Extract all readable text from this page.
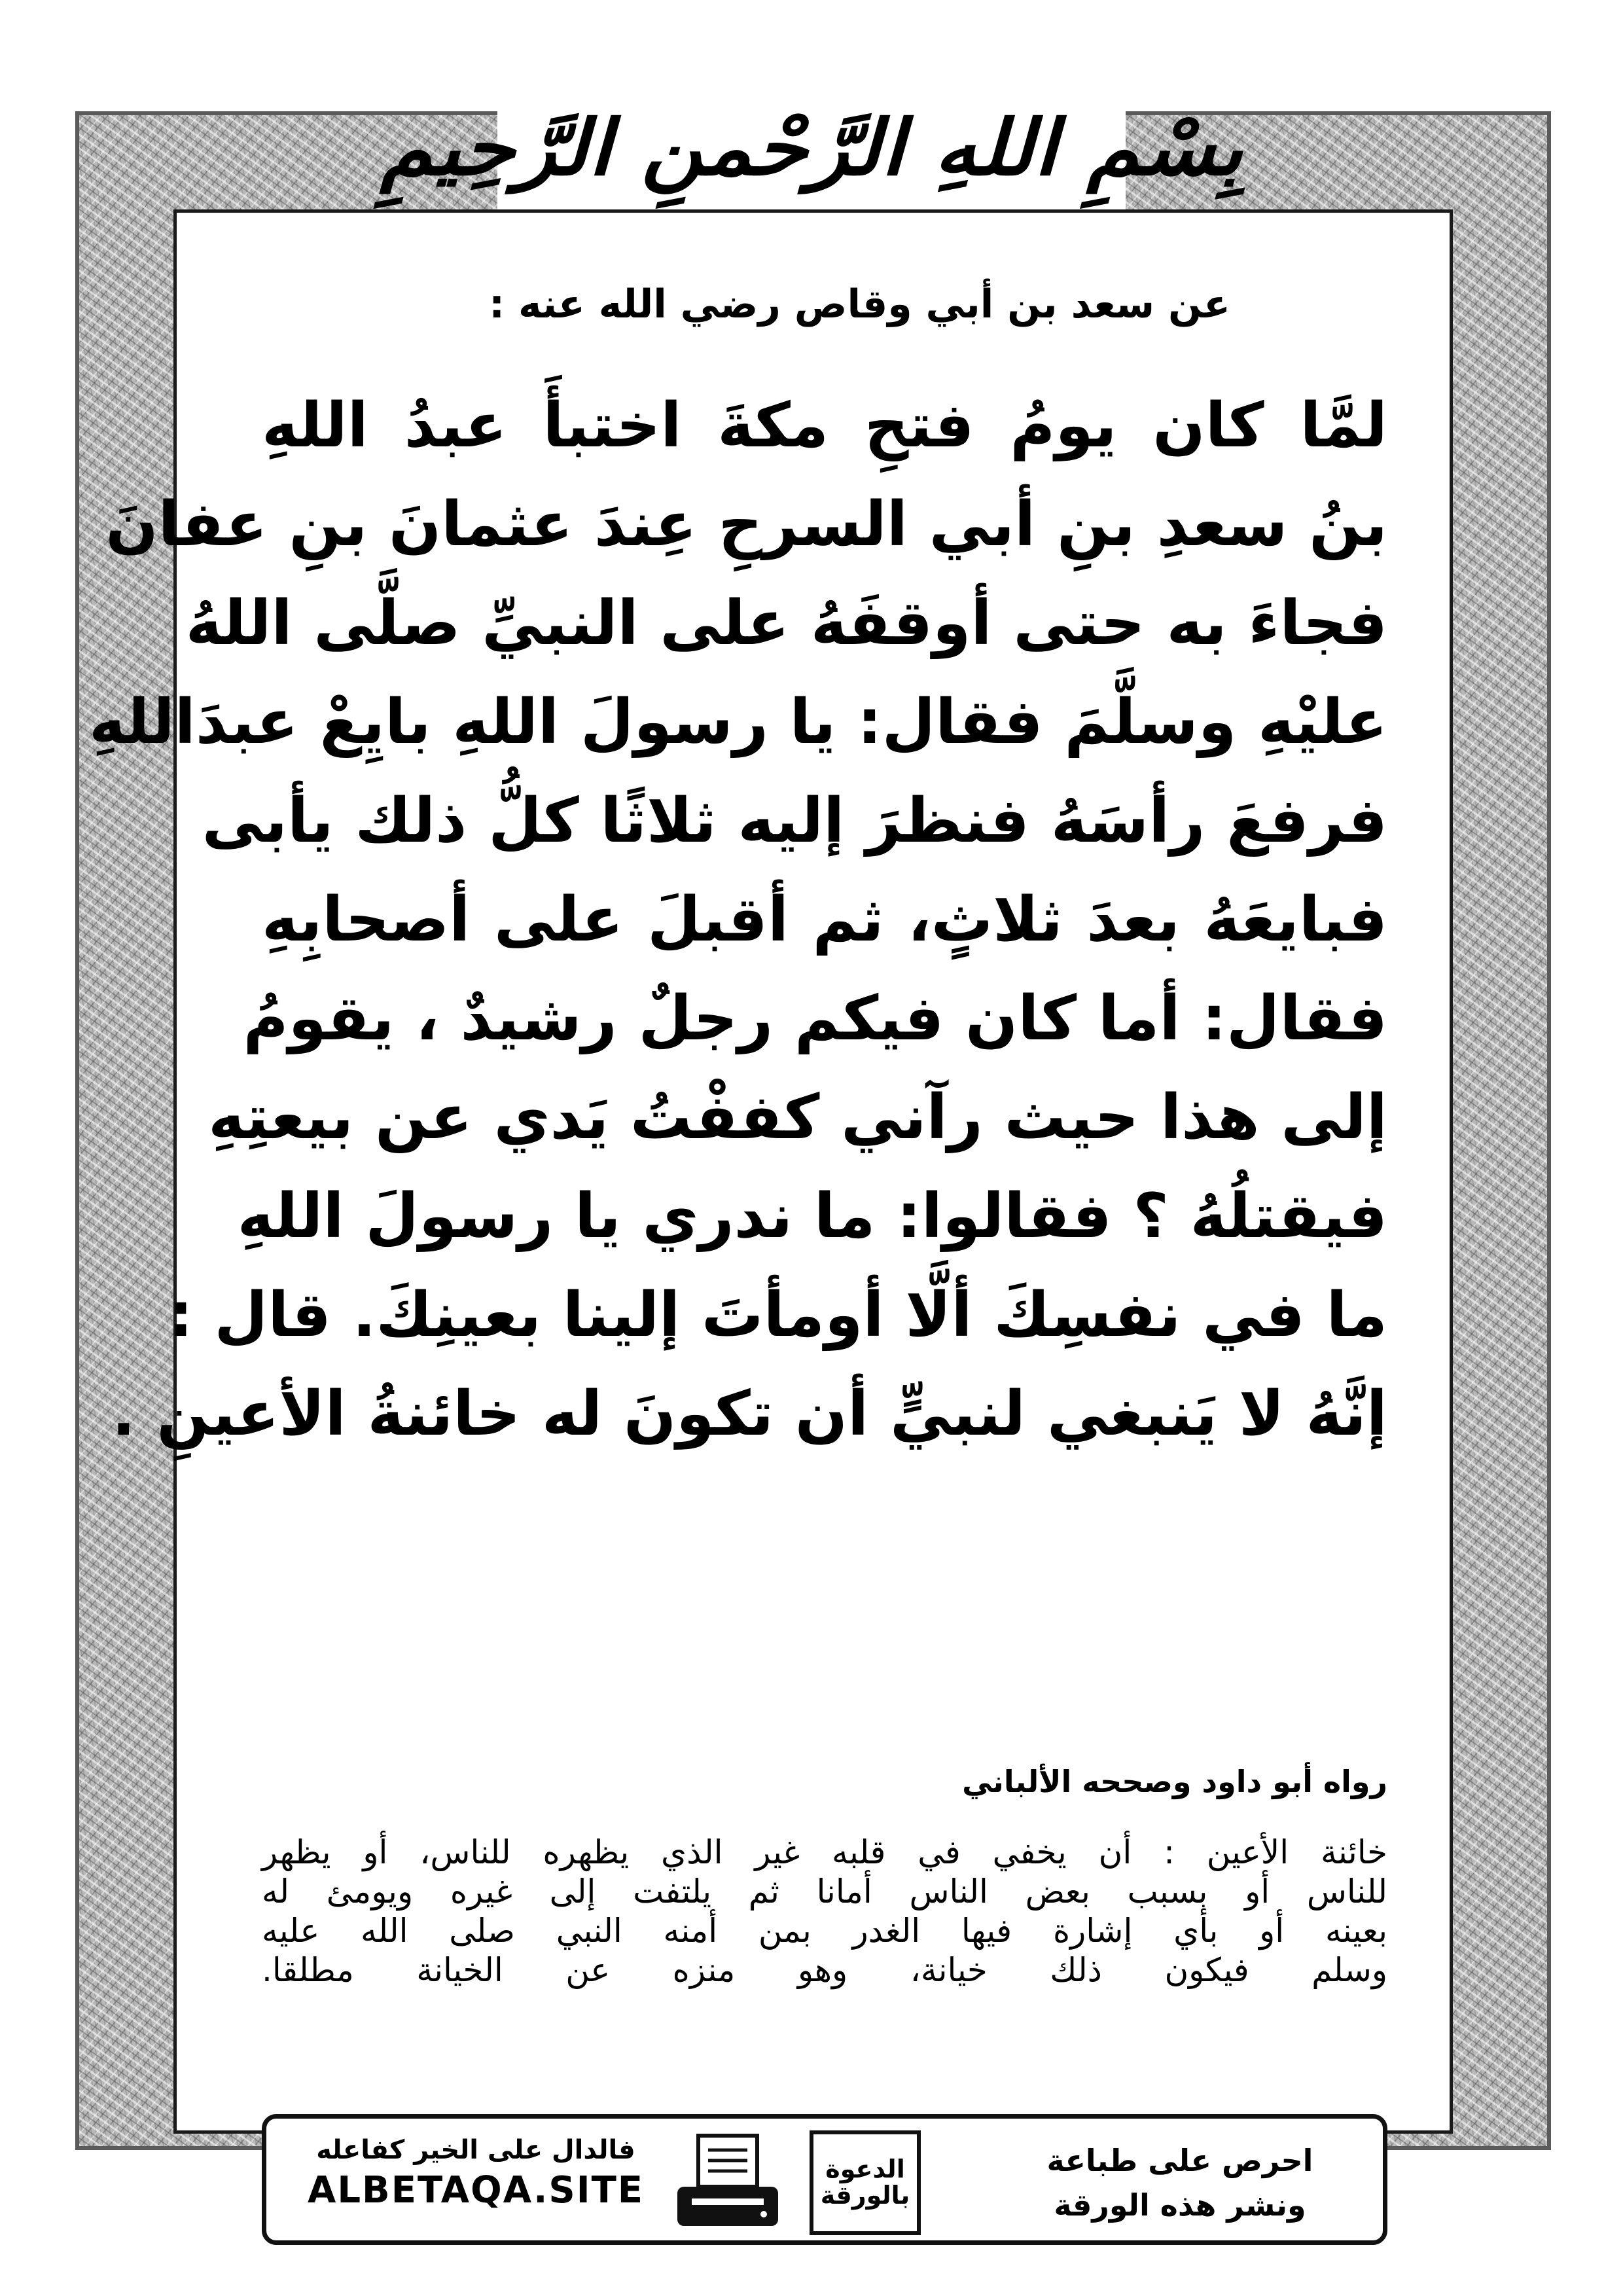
بِسْمِ اللهِ الرَّحْمنِ الرَّحِيمِ
عن سعد بن أبي وقاص رضي الله عنه :
لمَّا كان يومُ فتحِ مكةَ اختبأَ عبدُ اللهِ
بنُ سعدِ بنِ أبي السرحِ عِندَ عثمانَ بنِ عفانَ
فجاءَ به حتى أوقفَهُ على النبيِّ صلَّى اللهُ
عليْهِ وسلَّمَ فقال: يا رسولَ اللهِ بايِعْ عبدَاللهِ
فرفعَ رأسَهُ فنظرَ إليه ثلاثًا كلُّ ذلك يأبى
فبايعَهُ بعدَ ثلاثٍ، ثم أقبلَ على أصحابِهِ
فقال: أما كان فيكم رجلٌ رشيدٌ ، يقومُ
إلى هذا حيث رآني كففْتُ يَدي عن بيعتِهِ
فيقتلُهُ ؟ فقالوا: ما ندري يا رسولَ اللهِ
ما في نفسِكَ ألَّا أومأتَ إلينا بعينِكَ. قال :
إنَّهُ لا يَنبغي لنبيٍّ أن تكونَ له خائنةُ الأعينِ .
رواه أبو داود وصححه الألباني
خائنة الأعين : أن يخفي في قلبه غير الذي يظهره للناس، أو يظهر
للناس أو بسبب بعض الناس أمانا ثم يلتفت إلى غيره ويومئ له
بعينه أو بأي إشارة فيها الغدر بمن أمنه النبي صلى الله عليه
وسلم فيكون ذلك خيانة، وهو منزه عن الخيانة مطلقا.
فالدال على الخير كفاعله
ALBETAQA.SITE	الدعوة
بالورقة
احرص على طباعة
ونشر هذه الورقة
